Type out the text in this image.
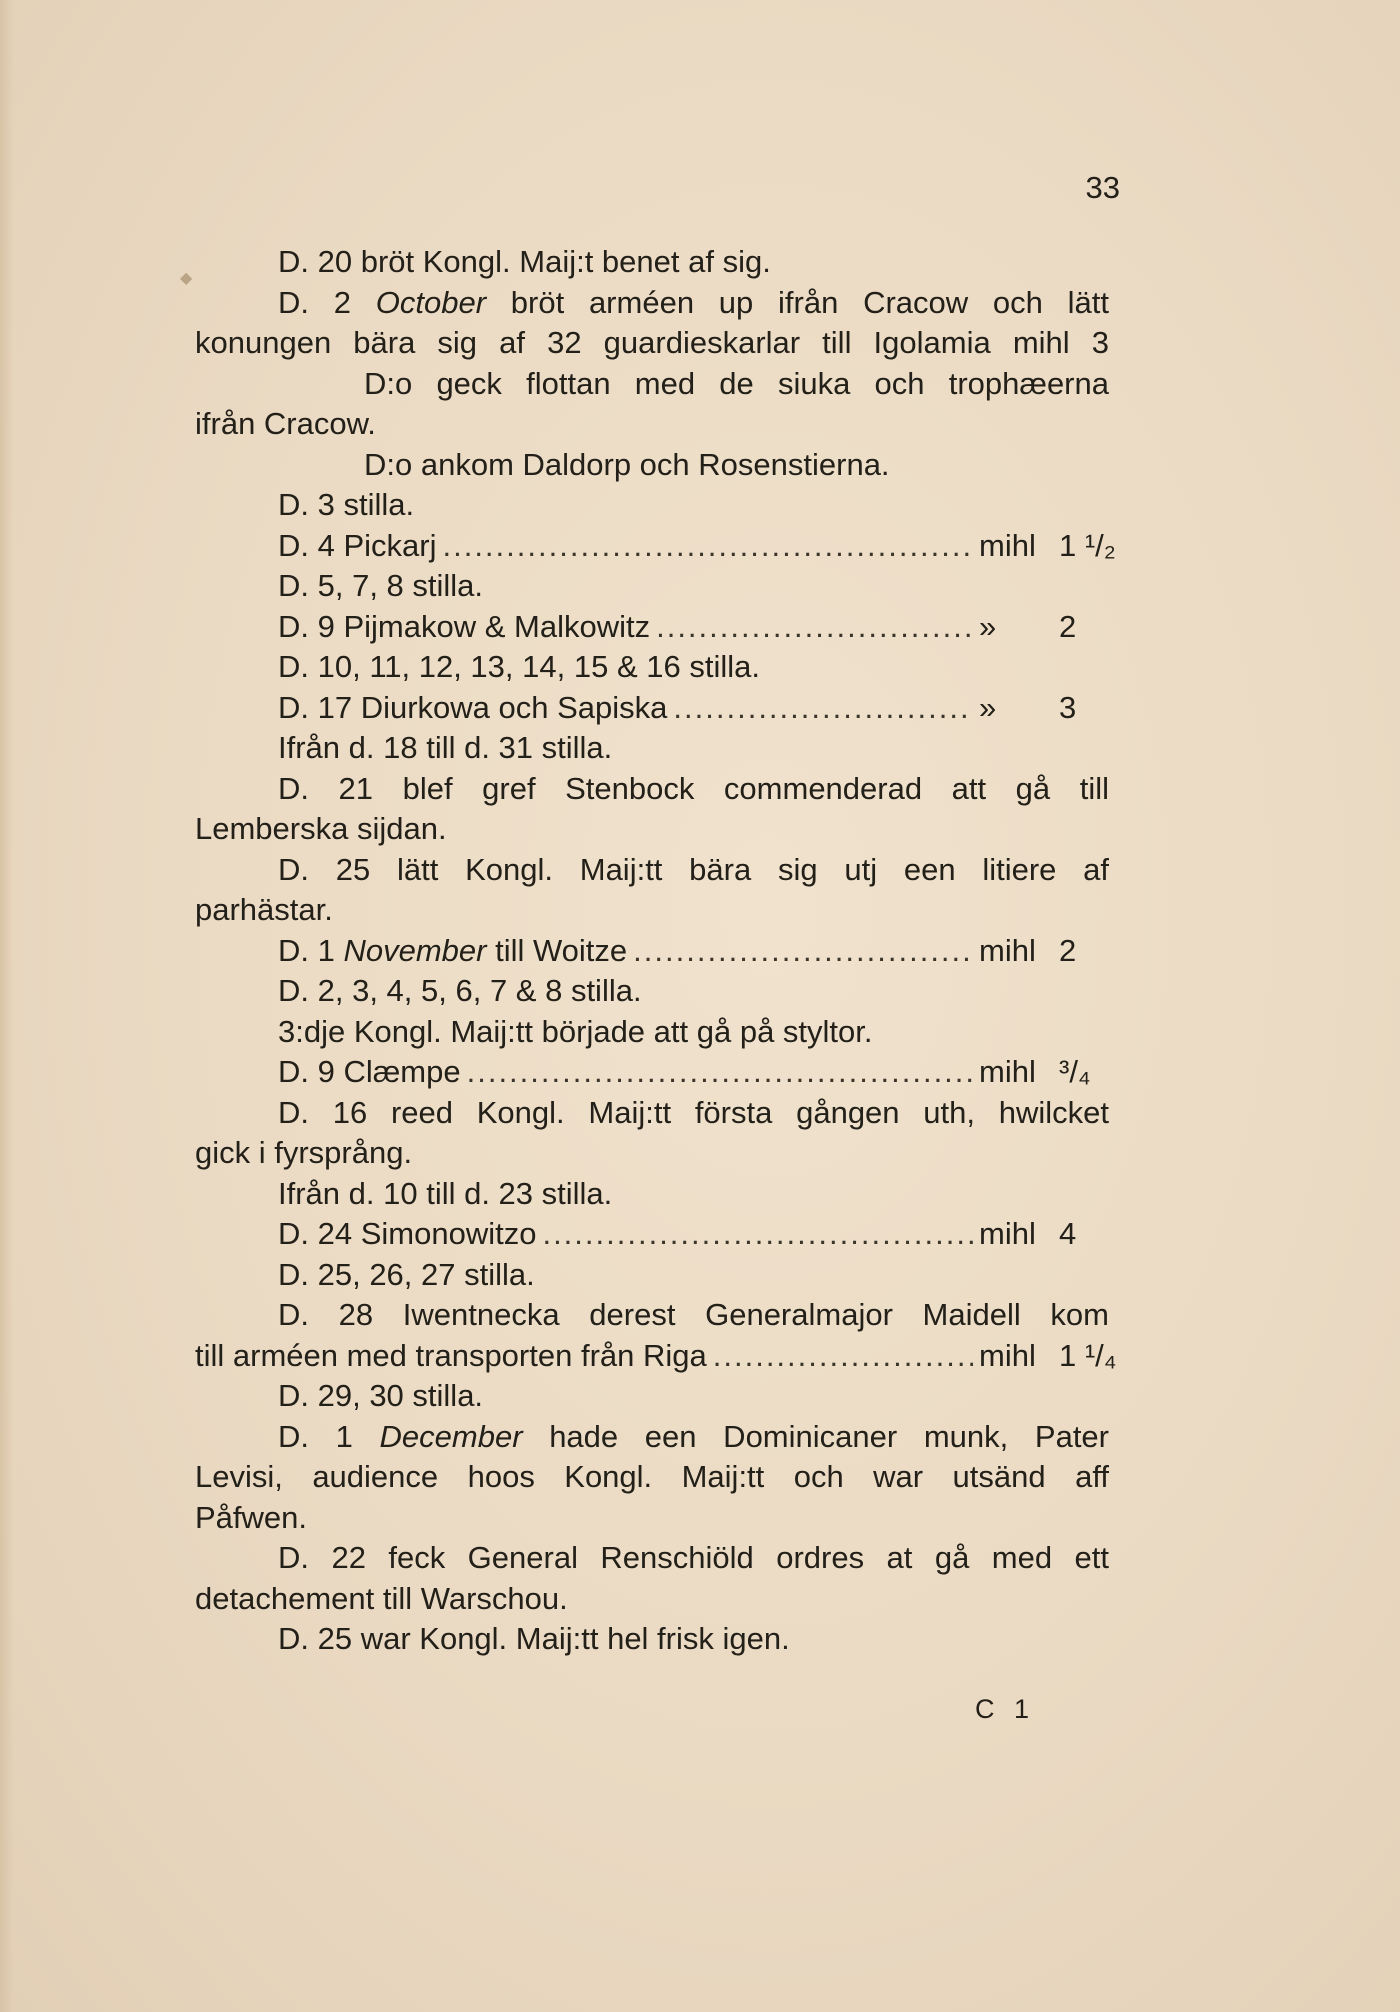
33
D. 20 bröt Kongl. Maij:t benet af sig.
D. 2 October bröt arméen up ifrån Cracow och lätt
konungen bära sig af 32 guardieskarlar till Igolamia mihl 3
D:o geck flottan med de siuka och trophæerna
ifrån Cracow.
D:o ankom Daldorp och Rosenstierna.
D. 3 stilla.
D. 4 Pickarj .....	mihl 1 ¹/₂
D. 5, 7, 8 stilla.
D. 9 Pijmakow & Malkowitz .....	»	2
D. 10, 11, 12, 13, 14, 15 & 16 stilla.
D. 17 Diurkowa och Sapiska .....	»	3
Ifrån d. 18 till d. 31 stilla.
D. 21 blef gref Stenbock commenderad att gå till
Lemberska sijdan.
D. 25 lätt Kongl. Maij:tt bära sig utj een litiere af
parhästar.
D. 1 November till Woitze .....	mihl 2
D. 2, 3, 4, 5, 6, 7 & 8 stilla.
3:dje Kongl. Maij:tt började att gå på styltor.
D. 9 Clæmpe .....	mihl ³/₄
D. 16 reed Kongl. Maij:tt första gången uth, hwilcket
gick i fyrsprång.
Ifrån d. 10 till d. 23 stilla.
D. 24 Simonowitzo .....	mihl 4
D. 25, 26, 27 stilla.
D. 28 Iwentnecka derest Generalmajor Maidell kom
till arméen med transporten från Riga .....	mihl 1 ¹/₄
D. 29, 30 stilla.
D. 1 December hade een Dominicaner munk, Pater
Levisi, audience hoos Kongl. Maij:tt och war utsänd aff
Påfwen.
D. 22 feck General Renschiöld ordres at gå med ett
detachement till Warschou.
D. 25 war Kongl. Maij:tt hel frisk igen.
C 1
◆
